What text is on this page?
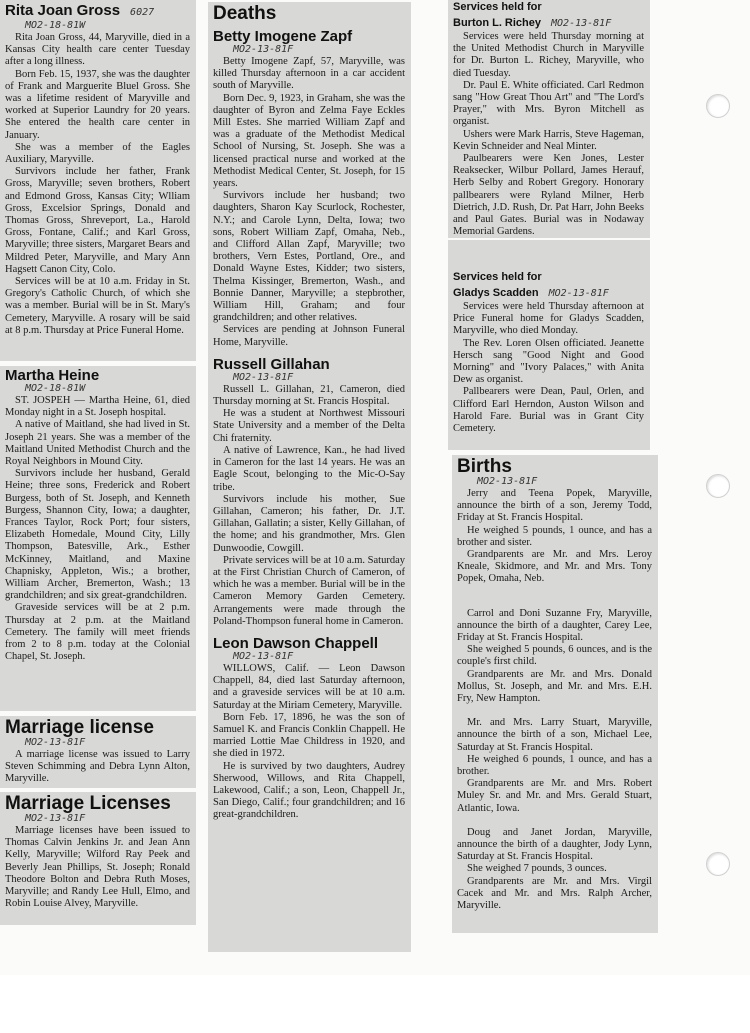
Rita Joan Gross 6027
MO2-18-81W

Rita Joan Gross, 44, Maryville, died in a Kansas City health care center Tuesday after a long illness.

Born Feb. 15, 1937, she was the daughter of Frank and Marguerite Bluel Gross. She was a lifetime resident of Maryville and worked at Superior Laundry for 20 years. She entered the health care center in January.

She was a member of the Eagles Auxiliary, Maryville.

Survivors include her father, Frank Gross, Maryville; seven brothers, Robert and Edmond Gross, Kansas City; Wlliam Gross, Excelsior Springs, Donald and Thomas Gross, Shreveport, La., Harold Gross, Fontane, Calif.; and Karl Gross, Maryville; three sisters, Margaret Bears and Mildred Peter, Maryville, and Mary Ann Hagsett Canon City, Colo.

Services will be at 10 a.m. Friday in St. Gregory's Catholic Church, of which she was a member. Burial will be in St. Mary's Cemetery, Maryville. A rosary will be said at 8 p.m. Thursday at Price Funeral Home.

Martha Heine
MO2-18-81W

ST. JOSPEH — Martha Heine, 61, died Monday night in a St. Joseph hospital.

A native of Maitland, she had lived in St. Joseph 21 years. She was a member of the Maitland United Methodist Church and the Royal Neighbors in Mound City.

Survivors include her husband, Gerald Heine; three sons, Frederick and Robert Burgess, both of St. Joseph, and Kenneth Burgess, Shannon City, Iowa; a daughter, Frances Taylor, Rock Port; four sisters, Elizabeth Homedale, Mound City, Lilly Thompson, Batesville, Ark., Esther McKinney, Maitland, and Maxine Chapnisky, Appleton, Wis.; a brother, William Archer, Bremerton, Wash.; 13 grandchildren; and six great-grandchildren.

Graveside services will be at 2 p.m. Thursday at 2 p.m. at the Maitland Cemetery. The family will meet friends from 2 to 8 p.m. today at the Colonial Chapel, St. Joseph.

Marriage license
MO2-13-81F

A marriage license was issued to Larry Steven Schimming and Debra Lynn Alton, Maryville.

Marriage Licenses
MO2-13-81F

Marriage licenses have been issued to Thomas Calvin Jenkins Jr. and Jean Ann Kelly, Maryville; Wilford Ray Peek and Beverly Jean Phillips, St. Joseph; Ronald Theodore Bolton and Debra Ruth Moses, Maryville; and Randy Lee Hull, Elmo, and Robin Louise Alvey, Maryville.

Deaths
Betty Imogene Zapf
MO2-13-81F

Betty Imogene Zapf, 57, Maryville, was killed Thursday afternoon in a car accident south of Maryville.

Born Dec. 9, 1923, in Graham, she was the daughter of Byron and Zelma Faye Eckles Mill Estes. She married William Zapf and was a graduate of the Methodist Medical School of Nursing, St. Joseph. She was a licensed practical nurse and worked at the Methodist Medical Center, St. Joseph, for 15 years.

Survivors include her husband; two daughters, Sharon Kay Scurlock, Rochester, N.Y.; and Carole Lynn, Delta, Iowa; two sons, Robert William Zapf, Omaha, Neb., and Clifford Allan Zapf, Maryville; two brothers, Vern Estes, Portland, Ore., and Donald Wayne Estes, Kidder; two sisters, Thelma Kissinger, Bremerton, Wash., and Bonnie Danner, Maryville; a stepbrother, William Hill, Graham; and four grandchildren; and other relatives.

Services are pending at Johnson Funeral Home, Maryville.

Russell Gillahan
MO2-13-81F

Russell L. Gillahan, 21, Cameron, died Thursday morning at St. Francis Hospital.

He was a student at Northwest Missouri State University and a member of the Delta Chi fraternity.

A native of Lawrence, Kan., he had lived in Cameron for the last 14 years. He was an Eagle Scout, belonging to the Mic-O-Say tribe.

Survivors include his mother, Sue Gillahan, Cameron; his father, Dr. J.T. Gillahan, Gallatin; a sister, Kelly Gillahan, of the home; and his grandmother, Mrs. Glen Dunwoodie, Cowgill.

Private services will be at 10 a.m. Saturday at the First Christian Church of Cameron, of which he was a member. Burial will be in the Cameron Memory Garden Cemetery. Arrangements were made through the Poland-Thompson funeral home in Cameron.

Leon Dawson Chappell
MO2-13-81F

WILLOWS, Calif. — Leon Dawson Chappell, 84, died last Saturday afternoon, and a graveside services will be at 10 a.m. Saturday at the Miriam Cemetery, Maryville.

Born Feb. 17, 1896, he was the son of Samuel K. and Francis Conklin Chappell. He married Lottie Mae Childress in 1920, and she died in 1972.

He is survived by two daughters, Audrey Sherwood, Willows, and Rita Chappell, Lakewood, Calif.; a son, Leon, Chappell Jr., San Diego, Calif.; four grandchildren; and 16 great-grandchildren.

Services held for
Burton L. Richey MO2-13-81F

Services were held Thursday morning at the United Methodist Church in Maryville for Dr. Burton L. Richey, Maryville, who died Tuesday.

Dr. Paul E. White officiated. Carl Redmon sang "How Great Thou Art" and "The Lord's Prayer," with Mrs. Byron Mitchell as organist.

Ushers were Mark Harris, Steve Hageman, Kevin Schneider and Neal Minter.

Paulbearers were Ken Jones, Lester Reaksecker, Wilbur Pollard, James Herauf, Herb Selby and Robert Gregory. Honorary pallbearers were Ryland Milner, Herb Dietrich, J.D. Rush, Dr. Pat Harr, John Beeks and Paul Gates. Burial was in Nodaway Memorial Gardens.

Services held for
Gladys Scadden MO2-13-81F

Services were held Thursday afternoon at Price Funeral home for Gladys Scadden, Maryville, who died Monday.

The Rev. Loren Olsen officiated. Jeanette Hersch sang "Good Night and Good Morning" and "Ivory Palaces," with Anita Dew as organist.

Pallbearers were Dean, Paul, Orlen, and Clifford Earl Herndon, Auston Wilson and Harold Fare. Burial was in Grant City Cemetery.

Births
MO2-13-81F

Jerry and Teena Popek, Maryville, announce the birth of a son, Jeremy Todd, Friday at St. Francis Hospital.

He weighed 5 pounds, 1 ounce, and has a brother and sister.

Grandparents are Mr. and Mrs. Leroy Kneale, Skidmore, and Mr. and Mrs. Tony Popek, Omaha, Neb.

Carrol and Doni Suzanne Fry, Maryville, announce the birth of a daughter, Carey Lee, Friday at St. Francis Hospital.

She weighed 5 pounds, 6 ounces, and is the couple's first child.

Grandparents are Mr. and Mrs. Donald Mollus, St. Joseph, and Mr. and Mrs. E.H. Fry, New Hampton.

Mr. and Mrs. Larry Stuart, Maryville, announce the birth of a son, Michael Lee, Saturday at St. Francis Hospital.

He weighed 6 pounds, 1 ounce, and has a brother.

Grandparents are Mr. and Mrs. Robert Muley Sr. and Mr. and Mrs. Gerald Stuart, Atlantic, Iowa.

Doug and Janet Jordan, Maryville, announce the birth of a daughter, Jody Lynn, Saturday at St. Francis Hospital.

She weighed 7 pounds, 3 ounces.

Grandparents are Mr. and Mrs. Virgil Cacek and Mr. and Mrs. Ralph Archer, Maryville.
